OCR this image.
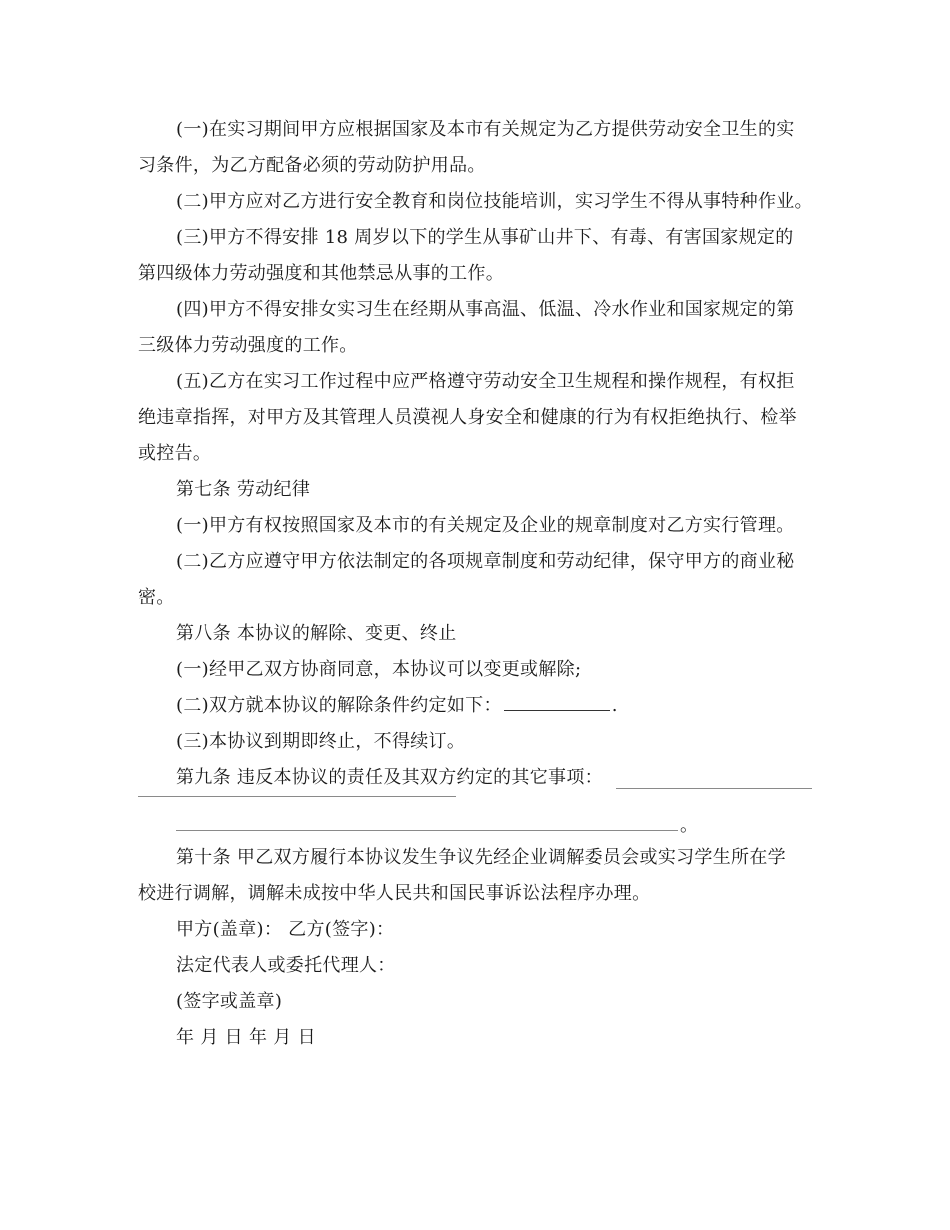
(一)在实习期间甲方应根据国家及本市有关规定为乙方提供劳动安全卫生的实
习条件，为乙方配备必须的劳动防护用品。
(二)甲方应对乙方进行安全教育和岗位技能培训，实习学生不得从事特种作业。
(三)甲方不得安排 18 周岁以下的学生从事矿山井下、有毒、有害国家规定的
第四级体力劳动强度和其他禁忌从事的工作。
(四)甲方不得安排女实习生在经期从事高温、低温、冷水作业和国家规定的第
三级体力劳动强度的工作。
(五)乙方在实习工作过程中应严格遵守劳动安全卫生规程和操作规程，有权拒
绝违章指挥，对甲方及其管理人员漠视人身安全和健康的行为有权拒绝执行、检举
或控告。
第七条 劳动纪律
(一)甲方有权按照国家及本市的有关规定及企业的规章制度对乙方实行管理。
(二)乙方应遵守甲方依法制定的各项规章制度和劳动纪律，保守甲方的商业秘
密。
第八条 本协议的解除、变更、终止
(一)经甲乙双方协商同意，本协议可以变更或解除;
(二)双方就本协议的解除条件约定如下：	.
(三)本协议到期即终止，不得续订。
第九条 违反本协议的责任及其双方约定的其它事项：
。
第十条 甲乙双方履行本协议发生争议先经企业调解委员会或实习学生所在学
校进行调解，调解未成按中华人民共和国民事诉讼法程序办理。
甲方(盖章)： 乙方(签字)：
法定代表人或委托代理人：
(签字或盖章)
年 月 日 年 月 日
